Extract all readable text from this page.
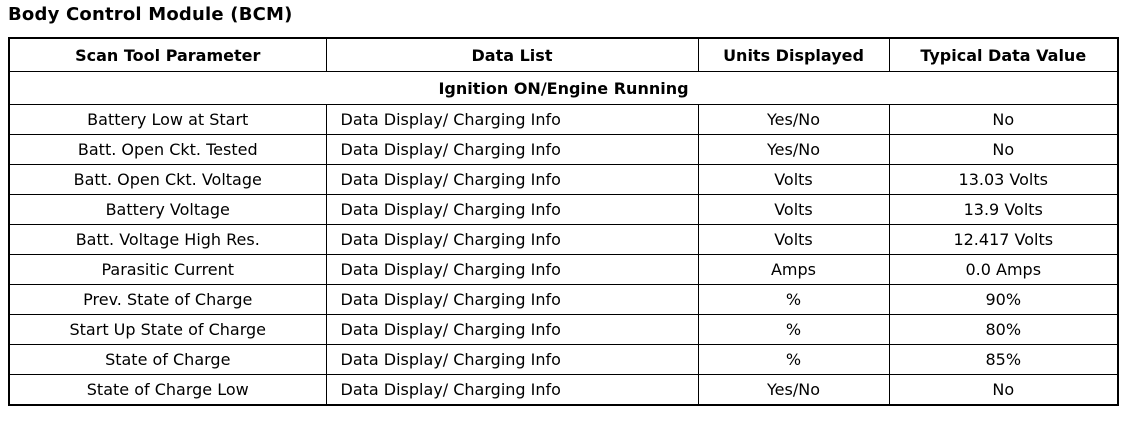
Body Control Module (BCM)
Scan Tool Parameter	Data List	Units Displayed	Typical Data Value
Ignition ON/Engine Running			
Battery Low at Start	Data Display/ Charging Info	Yes/No	No
Batt. Open Ckt. Tested	Data Display/ Charging Info	Yes/No	No
Batt. Open Ckt. Voltage	Data Display/ Charging Info	Volts	13.03 Volts
Battery Voltage	Data Display/ Charging Info	Volts	13.9 Volts
Batt. Voltage High Res.	Data Display/ Charging Info	Volts	12.417 Volts
Parasitic Current	Data Display/ Charging Info	Amps	0.0 Amps
Prev. State of Charge	Data Display/ Charging Info	%	90%
Start Up State of Charge	Data Display/ Charging Info	%	80%
State of Charge	Data Display/ Charging Info	%	85%
State of Charge Low	Data Display/ Charging Info	Yes/No	No
